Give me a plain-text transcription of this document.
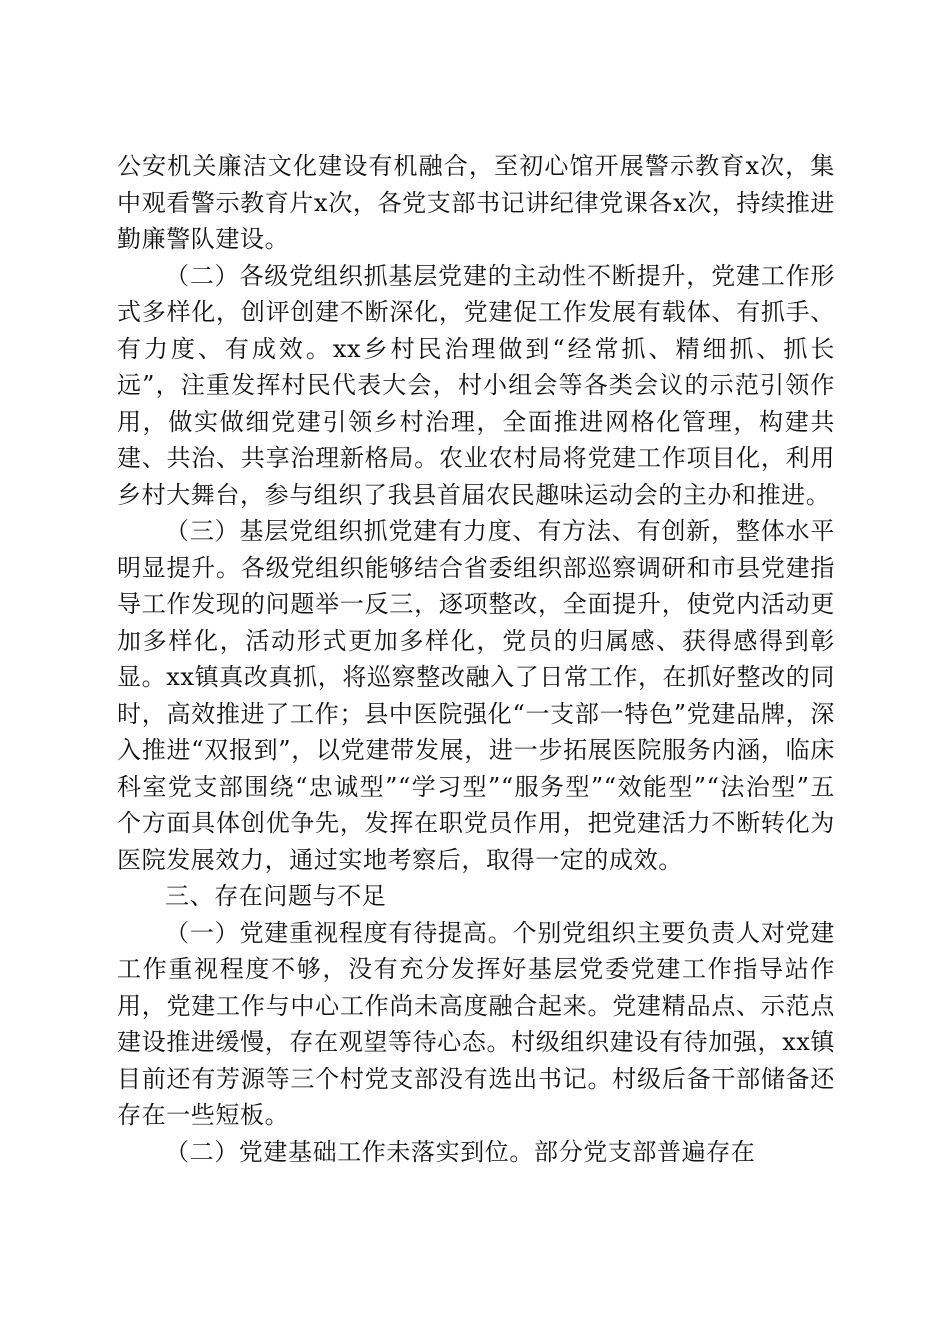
公安机关廉洁文化建设有机融合，至初心馆开展警示教育x次，集中观看警示教育片x次，各党支部书记讲纪律党课各x次，持续推进勤廉警队建设。

（二）各级党组织抓基层党建的主动性不断提升，党建工作形式多样化，创评创建不断深化，党建促工作发展有载体、有抓手、有力度、有成效。xx乡村民治理做到“经常抓、精细抓、抓长远”，注重发挥村民代表大会，村小组会等各类会议的示范引领作用，做实做细党建引领乡村治理，全面推进网格化管理，构建共建、共治、共享治理新格局。农业农村局将党建工作项目化，利用乡村大舞台，参与组织了我县首届农民趣味运动会的主办和推进。

（三）基层党组织抓党建有力度、有方法、有创新，整体水平明显提升。各级党组织能够结合省委组织部巡察调研和市县党建指导工作发现的问题举一反三，逐项整改，全面提升，使党内活动更加多样化，活动形式更加多样化，党员的归属感、获得感得到彰显。xx镇真改真抓，将巡察整改融入了日常工作，在抓好整改的同时，高效推进了工作；县中医院强化“一支部一特色”党建品牌，深入推进“双报到”，以党建带发展，进一步拓展医院服务内涵，临床科室党支部围绕“忠诚型”“学习型”“服务型”“效能型”“法治型”五个方面具体创优争先，发挥在职党员作用，把党建活力不断转化为医院发展效力，通过实地考察后，取得一定的成效。

三、存在问题与不足

（一）党建重视程度有待提高。个别党组织主要负责人对党建工作重视程度不够，没有充分发挥好基层党委党建工作指导站作用，党建工作与中心工作尚未高度融合起来。党建精品点、示范点建设推进缓慢，存在观望等待心态。村级组织建设有待加强，xx镇目前还有芳源等三个村党支部没有选出书记。村级后备干部储备还存在一些短板。

（二）党建基础工作未落实到位。部分党支部普遍存在
